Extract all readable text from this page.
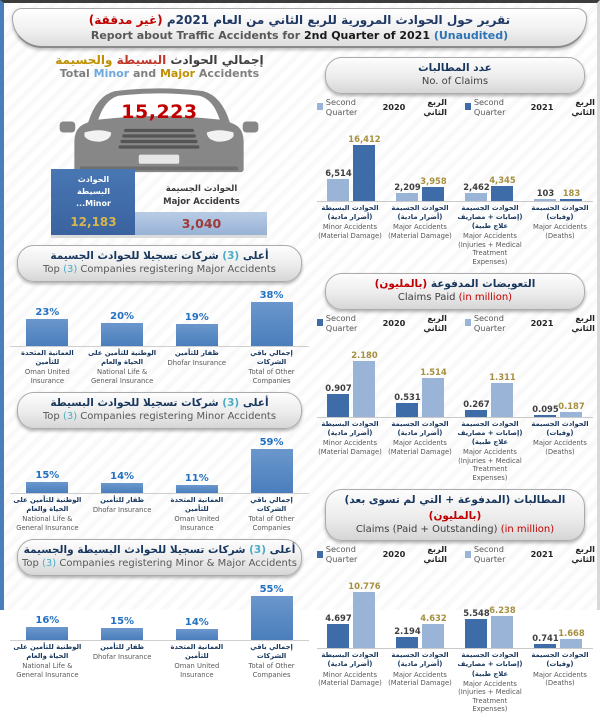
تقرير حول الحوادث المرورية للربع الثاني من العام 2021م (غير مدققة)
Report about Traffic Accidents for 2nd Quarter of 2021 (Unaudited)
إجمالي الحوادث البسيطة والجسيمة
Total Minor and Major Accidents
15,223
الحوادث
البسيطة
...Minor
12,183
الحوادث الجسيمة
Major Accidents
3,040
أعلى (3) شركات تسجيلا للحوادث الجسيمة
Top (3) Companies registering Major Accidents
23%	20%	19%
38%
العمانية المتحدة للتأمين
Oman United Insurance
الوطنية للتأمين على الحياة والعام
National Life & General Insurance
ظفار للتأمين
Dhofar Insurance
إجمالي باقي الشركات
Total of Other Companies
أعلى (3) شركات تسجيلا للحوادث البسيطة
Top (3) Companies registering Minor Accidents
15%	14%	11%
59%
الوطنية للتأمين على الحياة والعام
National Life & General Insurance
ظفار للتأمين
Dhofar Insurance
العمانية المتحدة للتأمين
Oman United Insurance
إجمالي باقي الشركات
Total of Other Companies
أعلى (3) شركات تسجيلا للحوادث البسيطة والجسيمة
Top (3) Companies registering Minor & Major Accidents
16%	15%	14%
55%
الوطنية للتأمين على الحياة والعام
National Life & General Insurance
ظفار للتأمين
Dhofar Insurance
العمانية المتحدة للتأمين
Oman United Insurance
إجمالي باقي الشركات
Total of Other Companies
عدد المطالبات
No. of Claims
Second Quarter	2020	الربع الثاني
Second Quarter	2021	الربع الثاني
6,514
16,412
2,209
3,958
2,462
4,345
103 183
الحوادث البسيطة (أضرار مادية)
Minor Accidents (Material Damage)
الحوادث الجسيمة (أضرار مادية)
Major Accidents (Material Damage)
الحوادث الجسيمة (إصابات + مصاريف علاج طبية)
Major Accidents (Injuries + Medical Treatment Expenses)
الحوادث الجسيمة (وفيات)
Major Accidents (Deaths)
التعويضات المدفوعة (بالمليون)
Claims Paid (in million)
Second Quarter	2020	الربع الثاني
Second Quarter	2021	الربع الثاني
0.907
2.180
0.531
1.514
0.267
1.311
0.095 0.187
الحوادث البسيطة (أضرار مادية)
Minor Accidents (Material Damage)
الحوادث الجسيمة (أضرار مادية)
Major Accidents (Material Damage)
الحوادث الجسيمة (إصابات + مصاريف علاج طبية)
Major Accidents (Injuries + Medical Treatment Expenses)
الحوادث الجسيمة (وفيات)
Major Accidents (Deaths)
المطالبات (المدفوعة + التي لم تسوى بعد) (بالمليون)
Claims (Paid + Outstanding) (in million)
Second Quarter	2020	الربع الثاني
Second Quarter	2021	الربع الثاني
4.697
10.776
2.194
4.632 5.548 6.238
0.741 1.668
الحوادث البسيطة (أضرار مادية)
Minor Accidents (Material Damage)
الحوادث الجسيمة (أضرار مادية)
Major Accidents (Material Damage)
الحوادث الجسيمة (إصابات + مصاريف علاج طبية)
Major Accidents (Injuries + Medical Treatment Expenses)
الحوادث الجسيمة (وفيات)
Major Accidents (Deaths)
